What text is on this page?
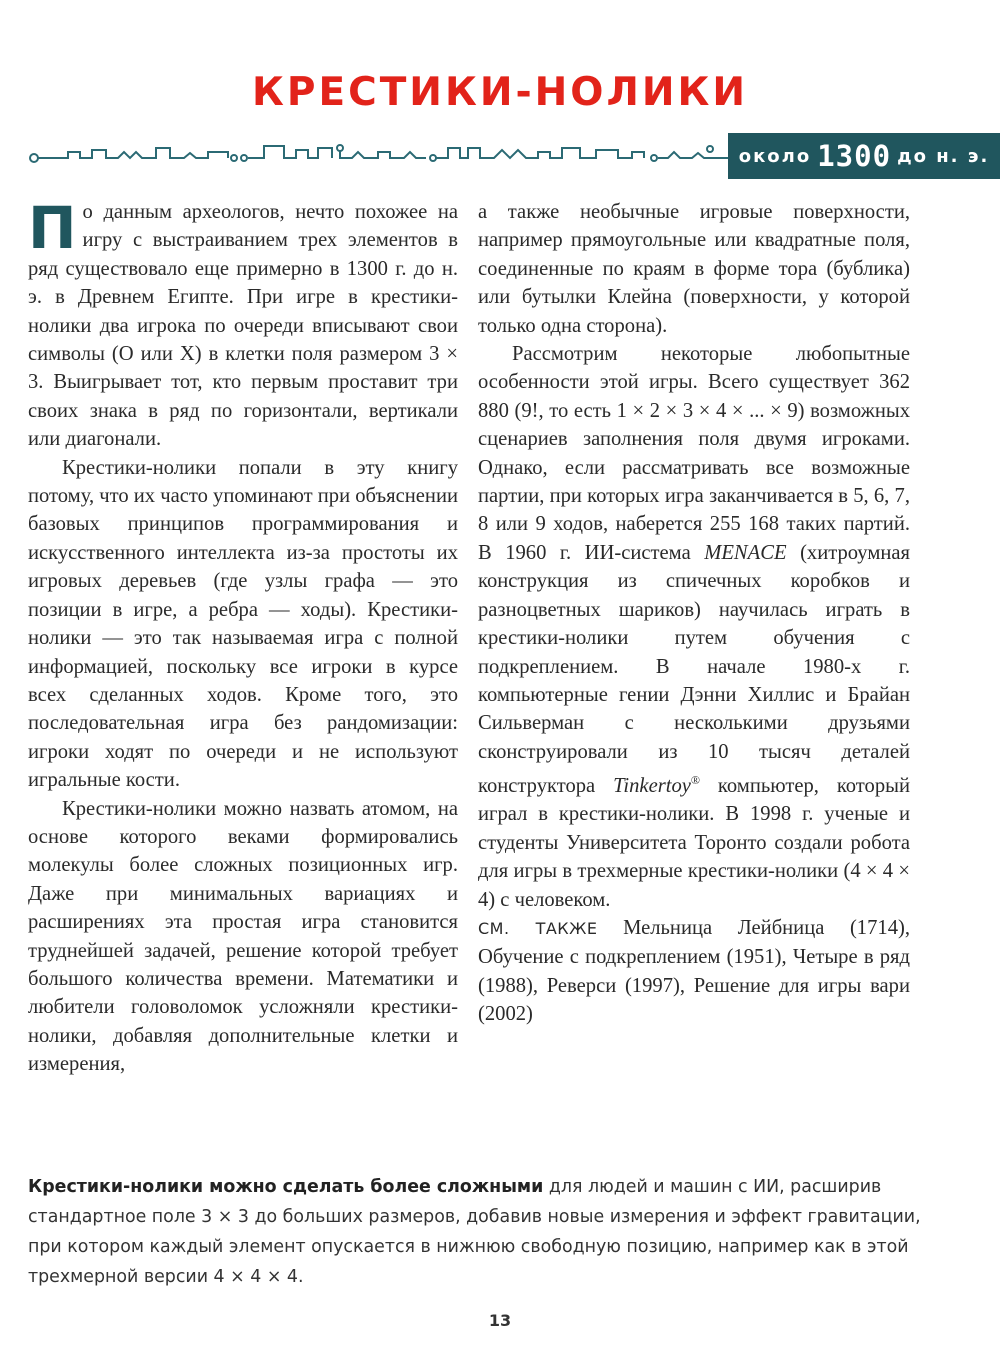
КРЕСТИКИ-НОЛИКИ
около 1300 до н. э.

По данным археологов, нечто похожее на игру с выстраиванием трех элементов в ряд существовало еще примерно в 1300 г. до н. э. в Древнем Египте. При игре в крестики-нолики два игрока по очереди вписывают свои символы (O или X) в клетки поля размером 3 × 3. Выигрывает тот, кто первым проставит три своих знака в ряд по горизонтали, вертикали или диагонали.

Крестики-нолики попали в эту книгу потому, что их часто упоминают при объяснении базовых принципов программирования и искусственного интеллекта из-за простоты их игровых деревьев (где узлы графа — это позиции в игре, а ребра — ходы). Крестики-нолики — это так называемая игра с полной информацией, поскольку все игроки в курсе всех сделанных ходов. Кроме того, это последовательная игра без рандомизации: игроки ходят по очереди и не используют игральные кости.

Крестики-нолики можно назвать атомом, на основе которого веками формировались молекулы более сложных позиционных игр. Даже при минимальных вариациях и расширениях эта простая игра становится труднейшей задачей, решение которой требует большого количества времени. Математики и любители головоломок усложняли крестики-нолики, добавляя дополнительные клетки и измерения,

а также необычные игровые поверхности, например прямоугольные или квадратные поля, соединенные по краям в форме тора (бублика) или бутылки Клейна (поверхности, у которой только одна сторона).

Рассмотрим некоторые любопытные особенности этой игры. Всего существует 362 880 (9!, то есть 1 × 2 × 3 × 4 × ... × 9) возможных сценариев заполнения поля двумя игроками. Однако, если рассматривать все возможные партии, при которых игра заканчивается в 5, 6, 7, 8 или 9 ходов, наберется 255 168 таких партий. В 1960 г. ИИ-система MENACE (хитроумная конструкция из спичечных коробков и разноцветных шариков) научилась играть в крестики-нолики путем обучения с подкреплением. В начале 1980-х г. компьютерные гении Дэнни Хиллис и Брайан Сильверман с несколькими друзьями сконструировали из 10 тысяч деталей конструктора Tinkertoy® компьютер, который играл в крестики-нолики. В 1998 г. ученые и студенты Университета Торонто создали робота для игры в трехмерные крестики-нолики (4 × 4 × 4) с человеком.

СМ. ТАКЖЕ Мельница Лейбница (1714), Обучение с подкреплением (1951), Четыре в ряд (1988), Реверси (1997), Решение для игры вари (2002)

Крестики-нолики можно сделать более сложными для людей и машин с ИИ, расширив стандартное поле 3 × 3 до больших размеров, добавив новые измерения и эффект гравитации, при котором каждый элемент опускается в нижнюю свободную позицию, например как в этой трехмерной версии 4 × 4 × 4.
13
